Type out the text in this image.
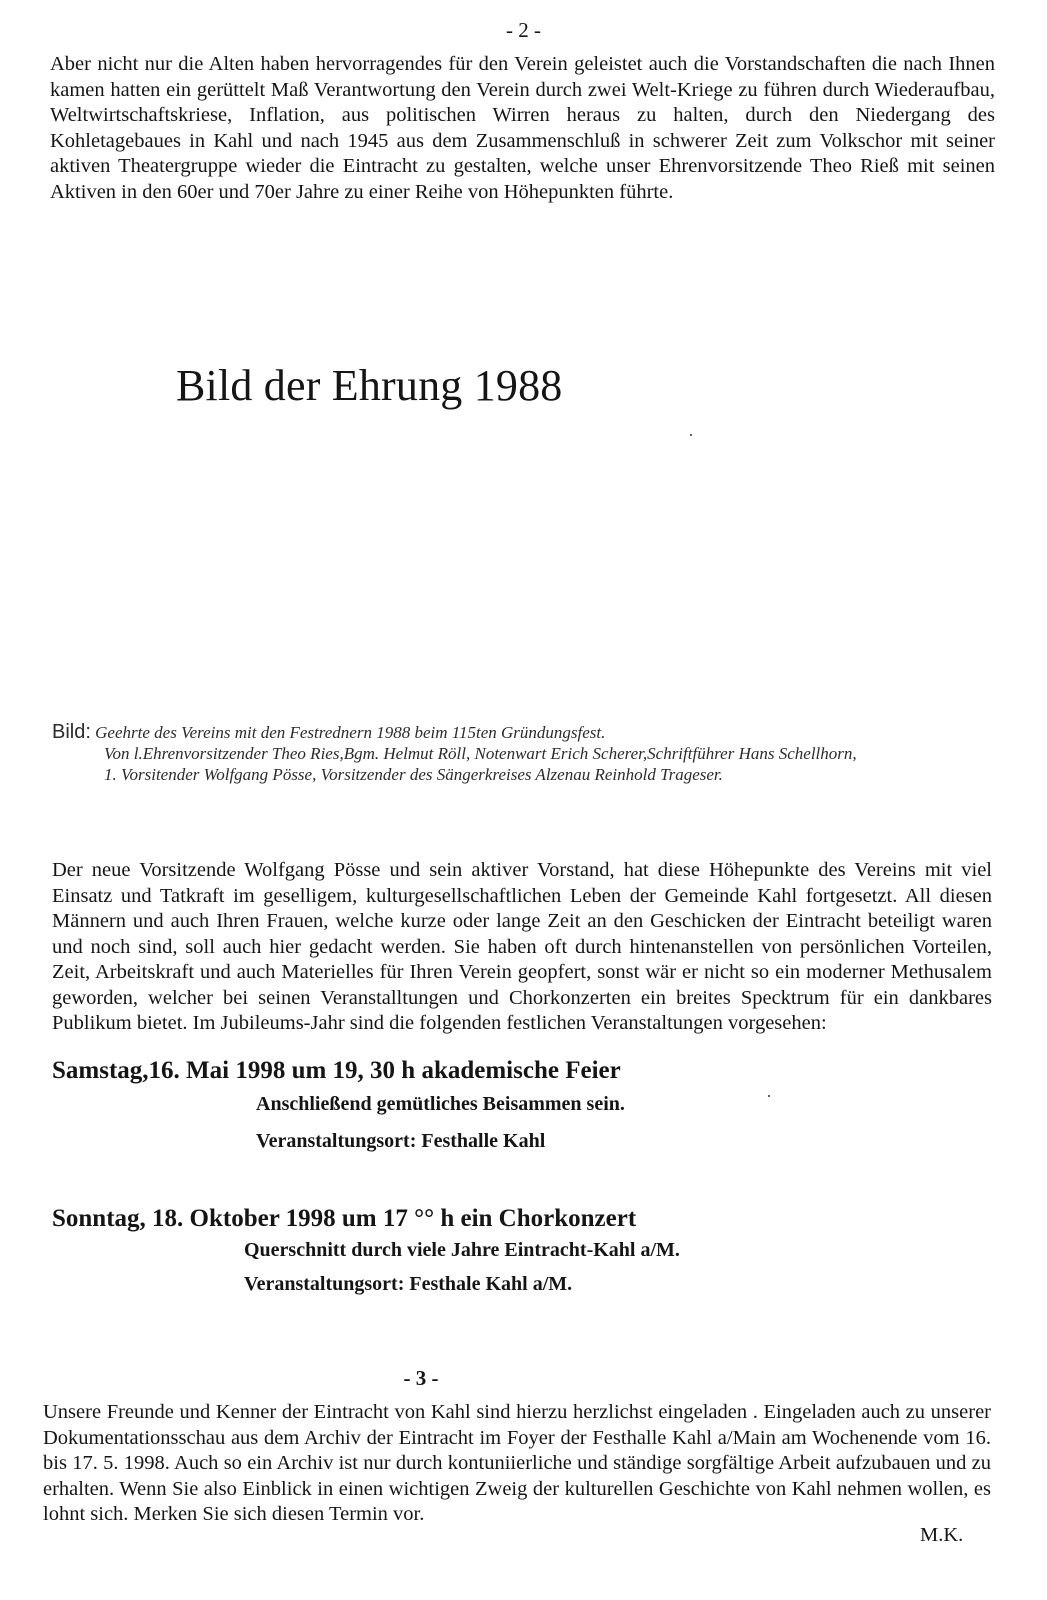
- 2 -
Aber nicht nur die Alten haben hervorragendes für den Verein geleistet auch die Vorstandschaften die nach Ihnen kamen hatten ein gerüttelt Maß Verantwortung den Verein durch zwei Welt-Kriege zu führen durch Wiederaufbau, Weltwirtschaftskriese, Inflation, aus politischen Wirren heraus zu halten, durch den Niedergang des Kohletagebaues in Kahl und nach 1945 aus dem Zusammenschluß in schwerer Zeit zum Volkschor mit seiner aktiven Theatergruppe wieder die Eintracht zu gestalten, welche unser Ehrenvorsitzende Theo Rieß mit seinen Aktiven in den 60er und 70er Jahre zu einer Reihe von Höhepunkten führte.
Bild der Ehrung 1988
Bild: Geehrte des Vereins mit den Festrednern 1988 beim 115ten Gründungsfest.
Von l.Ehrenvorsitzender Theo Ries,Bgm. Helmut Röll, Notenwart Erich Scherer,Schriftführer Hans Schellhorn,
1. Vorsitender Wolfgang Pösse, Vorsitzender des Sängerkreises Alzenau Reinhold Trageser.
Der neue Vorsitzende Wolfgang Pösse und sein aktiver Vorstand, hat diese Höhepunkte des Vereins mit viel Einsatz und Tatkraft im geselligem, kulturgesellschaftlichen Leben der Gemeinde Kahl fortgesetzt. All diesen Männern und auch Ihren Frauen, welche kurze oder lange Zeit an den Geschicken der Eintracht beteiligt waren und noch sind, soll auch hier gedacht werden. Sie haben oft durch hintenanstellen von persönlichen Vorteilen, Zeit, Arbeitskraft und auch Materielles für Ihren Verein geopfert, sonst wär er nicht so ein moderner Methusalem geworden, welcher bei seinen Veranstalltungen und Chorkonzerten ein breites Specktrum für ein dankbares Publikum bietet. Im Jubileums-Jahr sind die folgenden festlichen Veranstaltungen vorgesehen:
Samstag,16. Mai 1998 um 19, 30 h akademische Feier
Anschließend gemütliches Beisammen sein.
Veranstaltungsort: Festhalle Kahl
Sonntag, 18. Oktober 1998 um 17 °° h ein Chorkonzert
Querschnitt durch viele Jahre Eintracht-Kahl a/M.
Veranstaltungsort: Festhale Kahl a/M.
- 3 -
Unsere Freunde und Kenner der Eintracht von Kahl sind hierzu herzlichst eingeladen . Eingeladen auch zu unserer Dokumentationsschau aus dem Archiv der Eintracht im Foyer der Festhalle Kahl a/Main am Wochenende vom 16. bis 17. 5. 1998. Auch so ein Archiv ist nur durch kontuniierliche und ständige sorgfältige Arbeit aufzubauen und zu erhalten. Wenn Sie also Einblick in einen wichtigen Zweig der kulturellen Geschichte von Kahl nehmen wollen, es lohnt sich. Merken Sie sich diesen Termin vor.
M.K.
